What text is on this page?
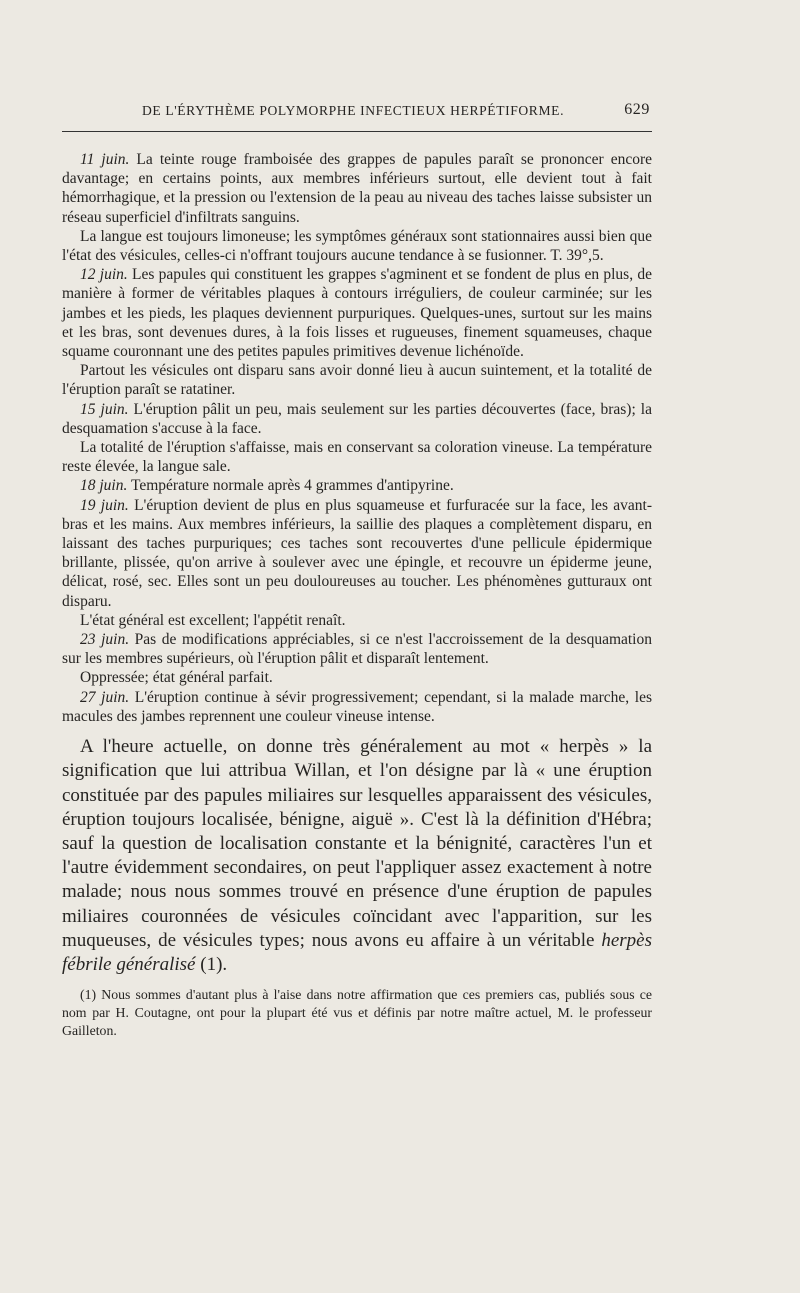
DE L'ÉRYTHÈME POLYMORPHE INFECTIEUX HERPÉTIFORME.	629

11 juin. La teinte rouge framboisée des grappes de papules paraît se prononcer encore davantage; en certains points, aux membres inférieurs surtout, elle devient tout à fait hémorrhagique, et la pression ou l'extension de la peau au niveau des taches laisse subsister un réseau superficiel d'infiltrats sanguins.

La langue est toujours limoneuse; les symptômes généraux sont stationnaires aussi bien que l'état des vésicules, celles-ci n'offrant toujours aucune tendance à se fusionner. T. 39°,5.

12 juin. Les papules qui constituent les grappes s'agminent et se fondent de plus en plus, de manière à former de véritables plaques à contours irréguliers, de couleur carminée; sur les jambes et les pieds, les plaques deviennent purpuriques. Quelques-unes, surtout sur les mains et les bras, sont devenues dures, à la fois lisses et rugueuses, finement squameuses, chaque squame couronnant une des petites papules primitives devenue lichénoïde.

Partout les vésicules ont disparu sans avoir donné lieu à aucun suintement, et la totalité de l'éruption paraît se ratatiner.

15 juin. L'éruption pâlit un peu, mais seulement sur les parties découvertes (face, bras); la desquamation s'accuse à la face.

La totalité de l'éruption s'affaisse, mais en conservant sa coloration vineuse. La température reste élevée, la langue sale.

18 juin. Température normale après 4 grammes d'antipyrine.

19 juin. L'éruption devient de plus en plus squameuse et furfuracée sur la face, les avant-bras et les mains. Aux membres inférieurs, la saillie des plaques a complètement disparu, en laissant des taches purpuriques; ces taches sont recouvertes d'une pellicule épidermique brillante, plissée, qu'on arrive à soulever avec une épingle, et recouvre un épiderme jeune, délicat, rosé, sec. Elles sont un peu douloureuses au toucher. Les phénomènes gutturaux ont disparu.

L'état général est excellent; l'appétit renaît.

23 juin. Pas de modifications appréciables, si ce n'est l'accroissement de la desquamation sur les membres supérieurs, où l'éruption pâlit et disparaît lentement.

Oppressée; état général parfait.

27 juin. L'éruption continue à sévir progressivement; cependant, si la malade marche, les macules des jambes reprennent une couleur vineuse intense.

A l'heure actuelle, on donne très généralement au mot « herpès » la signification que lui attribua Willan, et l'on désigne par là « une éruption constituée par des papules miliaires sur lesquelles apparaissent des vésicules, éruption toujours localisée, bénigne, aiguë ». C'est là la définition d'Hébra; sauf la question de localisation constante et la bénignité, caractères l'un et l'autre évidemment secondaires, on peut l'appliquer assez exactement à notre malade; nous nous sommes trouvé en présence d'une éruption de papules miliaires couronnées de vésicules coïncidant avec l'apparition, sur les muqueuses, de vésicules types; nous avons eu affaire à un véritable herpès fébrile généralisé (1).

(1) Nous sommes d'autant plus à l'aise dans notre affirmation que ces premiers cas, publiés sous ce nom par H. Coutagne, ont pour la plupart été vus et définis par notre maître actuel, M. le professeur Gailleton.
